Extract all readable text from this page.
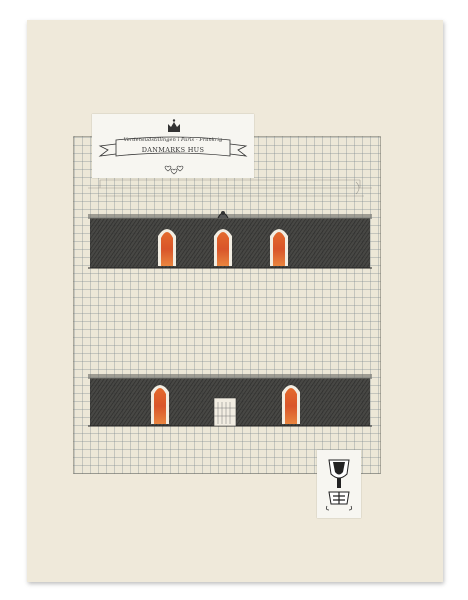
Verdensudstillingen i Paris - Frankrig
DANMARKS HUS
